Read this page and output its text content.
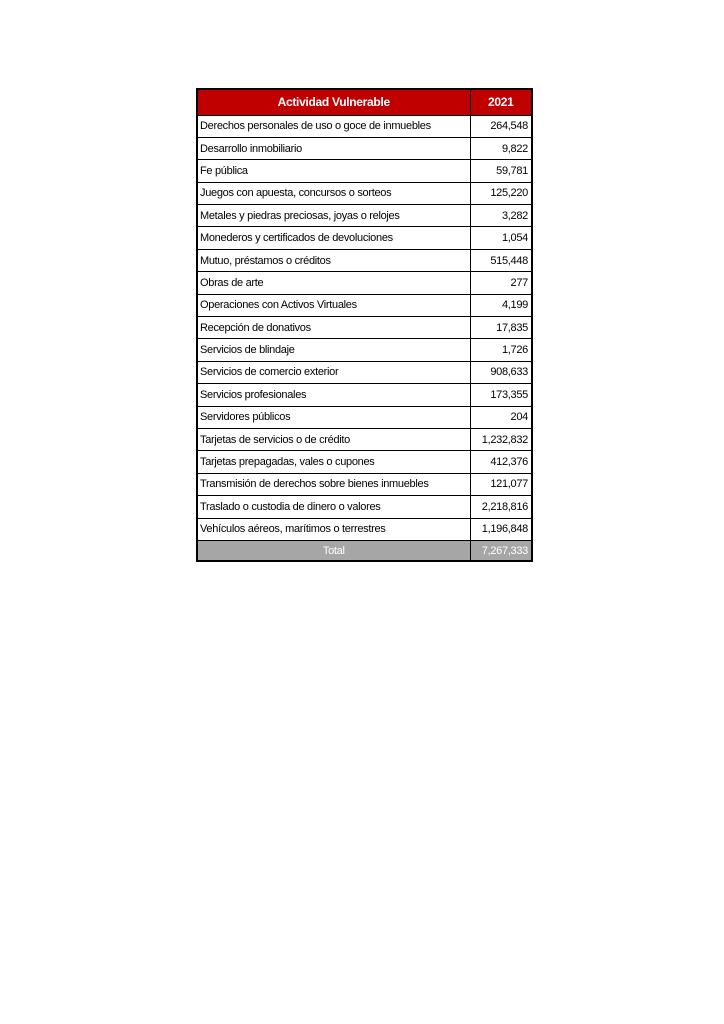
Actividad Vulnerable	2021
Derechos personales de uso o goce de inmuebles	264,548
Desarrollo inmobiliario	9,822
Fe pública	59,781
Juegos con apuesta, concursos o sorteos	125,220
Metales y piedras preciosas, joyas o relojes	3,282
Monederos y certificados de devoluciones	1,054
Mutuo, préstamos o créditos	515,448
Obras de arte	277
Operaciones con Activos Virtuales	4,199
Recepción de donativos	17,835
Servicios de blindaje	1,726
Servicios de comercio exterior	908,633
Servicios profesionales	173,355
Servidores públicos	204
Tarjetas de servicios o de crédito	1,232,832
Tarjetas prepagadas, vales o cupones	412,376
Transmisión de derechos sobre bienes inmuebles	121,077
Traslado o custodia de dinero o valores	2,218,816
Vehículos aéreos, marítimos o terrestres	1,196,848
Total	7,267,333
